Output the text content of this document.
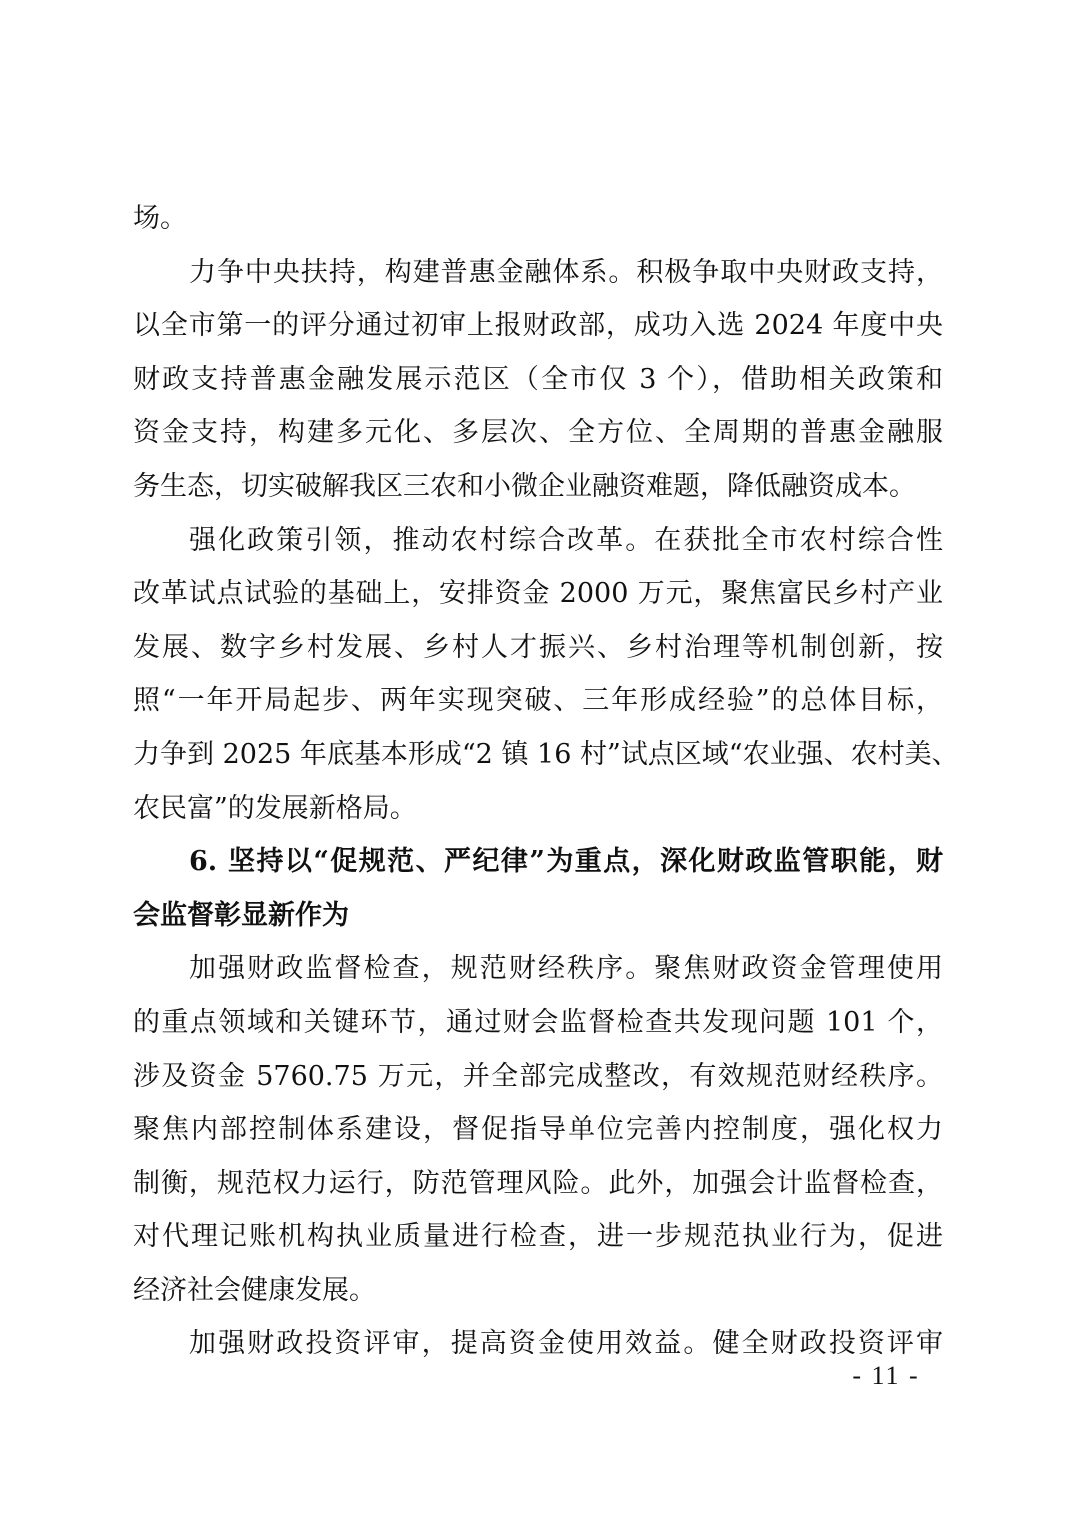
场。
力争中央扶持，构建普惠金融体系。积极争取中央财政支持，
以全市第一的评分通过初审上报财政部，成功入选 2024 年度中央
财政支持普惠金融发展示范区（全市仅 3 个），借助相关政策和
资金支持，构建多元化、多层次、全方位、全周期的普惠金融服
务生态，切实破解我区三农和小微企业融资难题，降低融资成本。
强化政策引领，推动农村综合改革。在获批全市农村综合性
改革试点试验的基础上，安排资金 2000 万元，聚焦富民乡村产业
发展、数字乡村发展、乡村人才振兴、乡村治理等机制创新，按
照“一年开局起步、两年实现突破、三年形成经验”的总体目标，
力争到 2025 年底基本形成“2 镇 16 村”试点区域“农业强、农村美、
农民富”的发展新格局。
6. 坚持以“促规范、严纪律”为重点，深化财政监管职能，财
会监督彰显新作为
加强财政监督检查，规范财经秩序。聚焦财政资金管理使用
的重点领域和关键环节，通过财会监督检查共发现问题 101 个，
涉及资金 5760.75 万元，并全部完成整改，有效规范财经秩序。
聚焦内部控制体系建设，督促指导单位完善内控制度，强化权力
制衡，规范权力运行，防范管理风险。此外，加强会计监督检查，
对代理记账机构执业质量进行检查，进一步规范执业行为，促进
经济社会健康发展。
加强财政投资评审，提高资金使用效益。健全财政投资评审
- 11 -
